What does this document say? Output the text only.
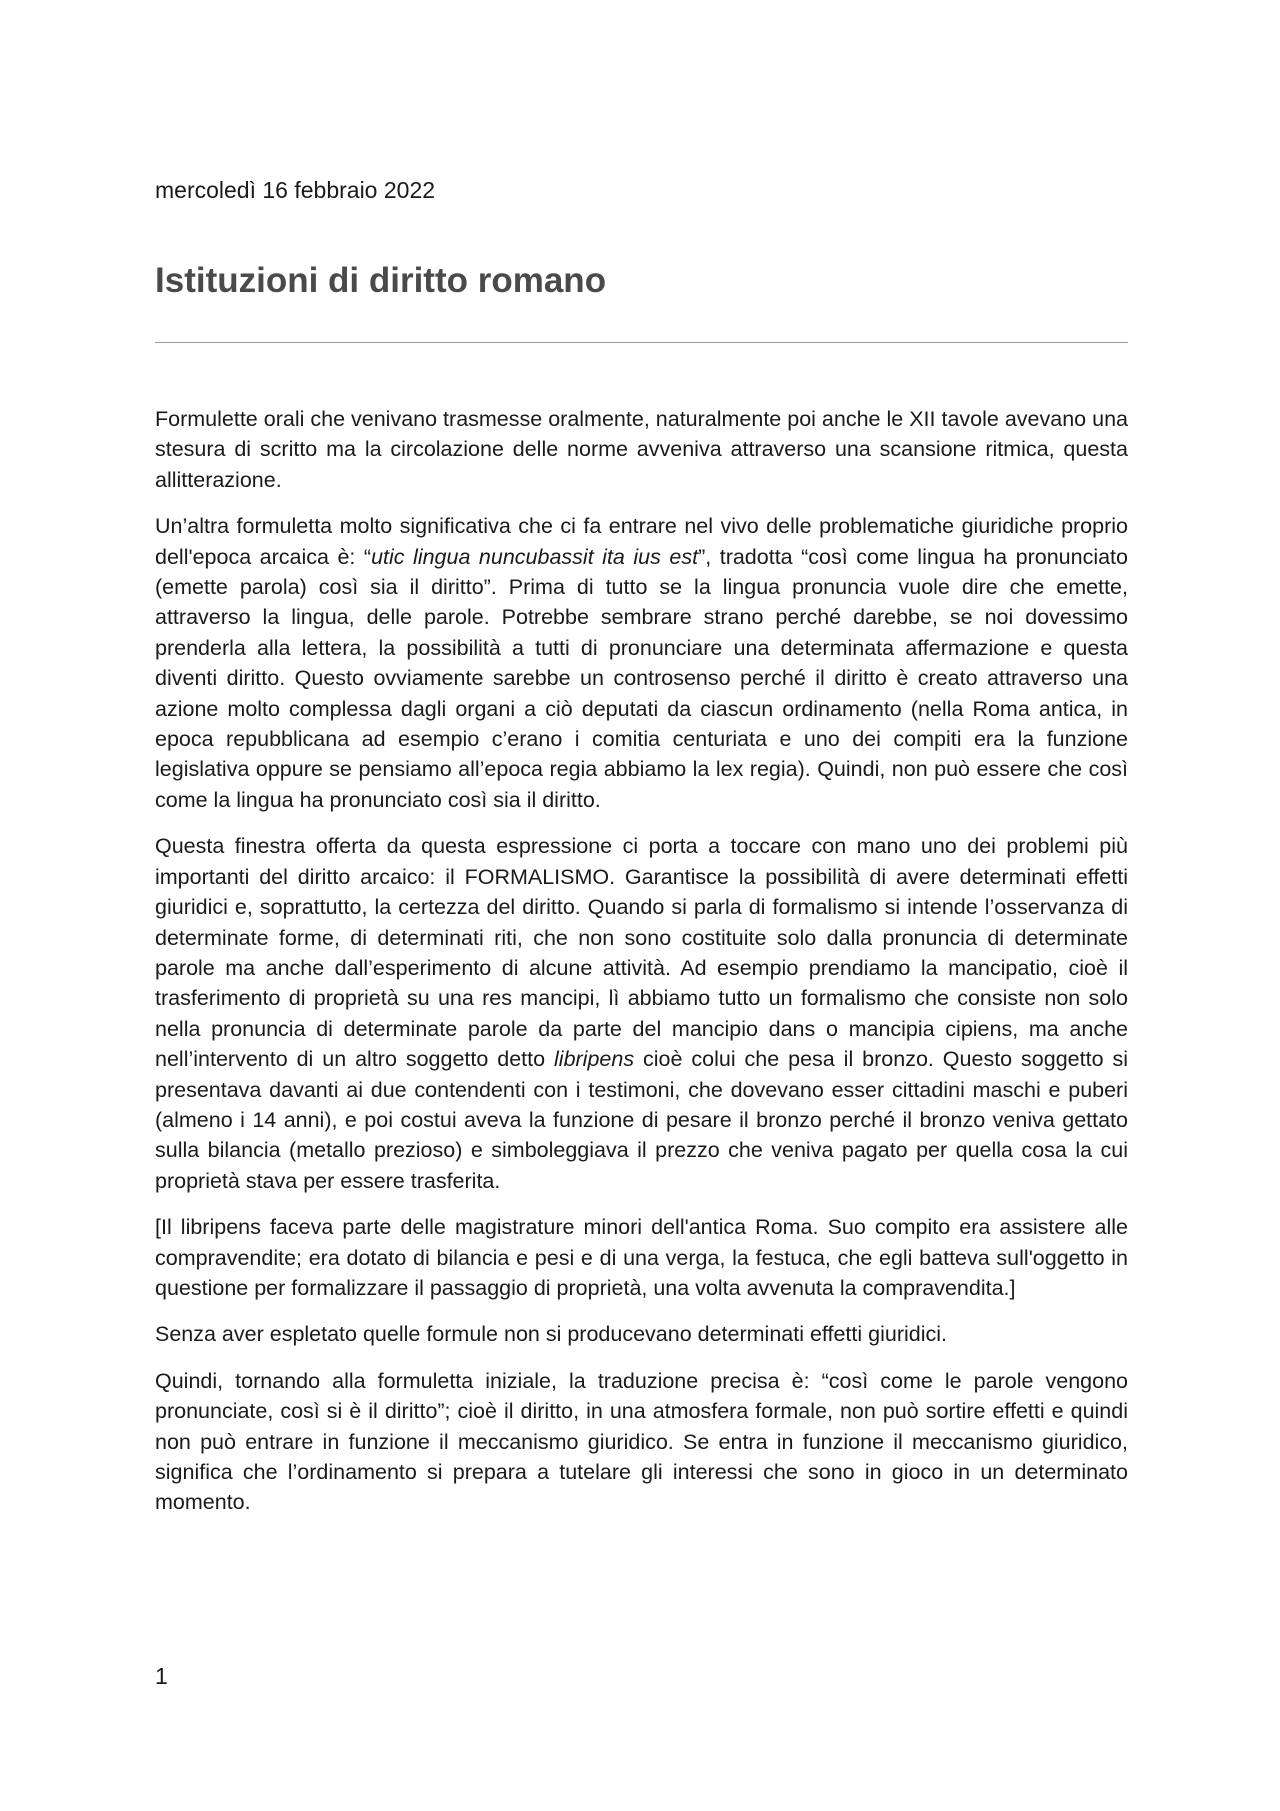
mercoledì 16 febbraio 2022
Istituzioni di diritto romano

Formulette orali che venivano trasmesse oralmente, naturalmente poi anche le XII tavole avevano una stesura di scritto ma la circolazione delle norme avveniva attraverso una scansione ritmica, questa allitterazione.

Un’altra formuletta molto significativa che ci fa entrare nel vivo delle problematiche giuridiche proprio dell'epoca arcaica è: “utic lingua nuncubassit ita ius est”, tradotta “così come lingua ha pronunciato (emette parola) così sia il diritto”. Prima di tutto se la lingua pronuncia vuole dire che emette, attraverso la lingua, delle parole. Potrebbe sembrare strano perché darebbe, se noi dovessimo prenderla alla lettera, la possibilità a tutti di pronunciare una determinata affermazione e questa diventi diritto. Questo ovviamente sarebbe un controsenso perché il diritto è creato attraverso una azione molto complessa dagli organi a ciò deputati da ciascun ordinamento (nella Roma antica, in epoca repubblicana ad esempio c’erano i comitia centuriata e uno dei compiti era la funzione legislativa oppure se pensiamo all’epoca regia abbiamo la lex regia). Quindi, non può essere che così come la lingua ha pronunciato così sia il diritto.

Questa finestra offerta da questa espressione ci porta a toccare con mano uno dei problemi più importanti del diritto arcaico: il FORMALISMO. Garantisce la possibilità di avere determinati effetti giuridici e, soprattutto, la certezza del diritto. Quando si parla di formalismo si intende l’osservanza di determinate forme, di determinati riti, che non sono costituite solo dalla pronuncia di determinate parole ma anche dall’esperimento di alcune attività. Ad esempio prendiamo la mancipatio, cioè il trasferimento di proprietà su una res mancipi, lì abbiamo tutto un formalismo che consiste non solo nella pronuncia di determinate parole da parte del mancipio dans o mancipia cipiens, ma anche nell’intervento di un altro soggetto detto libripens cioè colui che pesa il bronzo. Questo soggetto si presentava davanti ai due contendenti con i testimoni, che dovevano esser cittadini maschi e puberi (almeno i 14 anni), e poi costui aveva la funzione di pesare il bronzo perché il bronzo veniva gettato sulla bilancia (metallo prezioso) e simboleggiava il prezzo che veniva pagato per quella cosa la cui proprietà stava per essere trasferita.

[Il libripens faceva parte delle magistrature minori dell'antica Roma. Suo compito era assistere alle compravendite; era dotato di bilancia e pesi e di una verga, la festuca, che egli batteva sull'oggetto in questione per formalizzare il passaggio di proprietà, una volta avvenuta la compravendita.]

Senza aver espletato quelle formule non si producevano determinati effetti giuridici.

Quindi, tornando alla formuletta iniziale, la traduzione precisa è: “così come le parole vengono pronunciate, così si è il diritto”; cioè il diritto, in una atmosfera formale, non può sortire effetti e quindi non può entrare in funzione il meccanismo giuridico. Se entra in funzione il meccanismo giuridico, significa che l’ordinamento si prepara a tutelare gli interessi che sono in gioco in un determinato momento.

1
